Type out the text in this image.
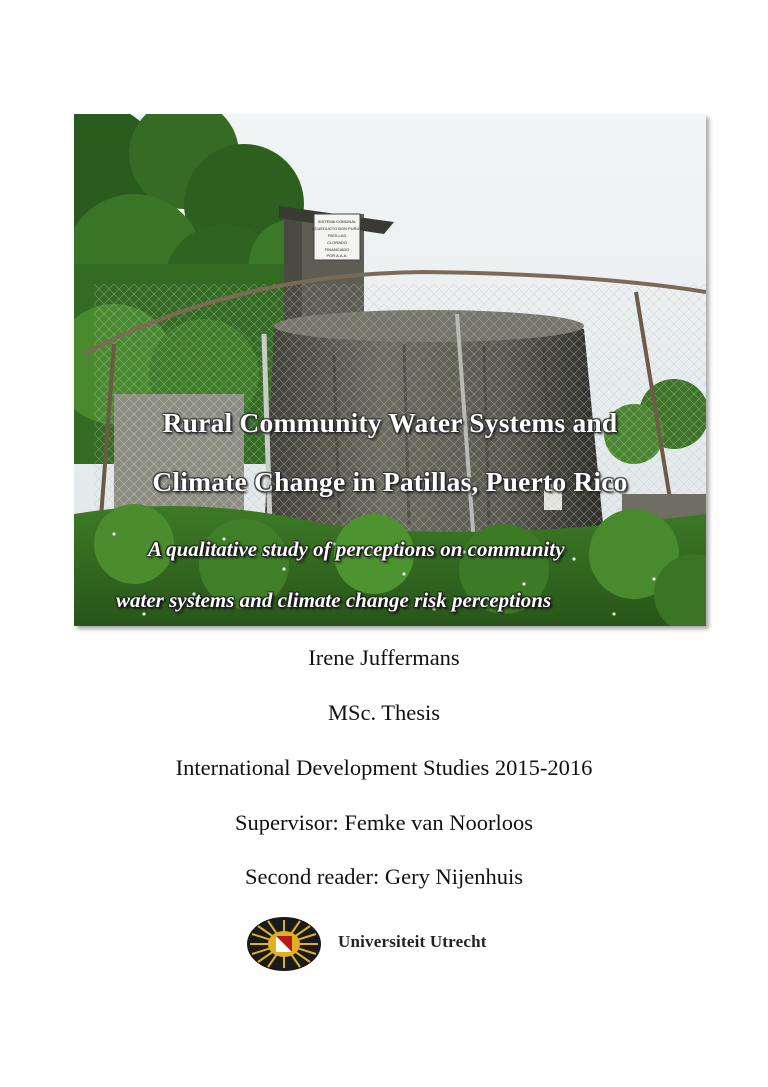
SISTEMA COMUNAL
ACUEDUCTO BON PURUS
PATILLAS
CLORADO
FINANCIADO
POR A.A.A.
Rural Community Water Systems and
Climate Change in Patillas, Puerto Rico
A qualitative study of perceptions on community
water systems and climate change risk perceptions
Irene Juffermans
MSc. Thesis
International Development Studies 2015-2016
Supervisor: Femke van Noorloos
Second reader: Gery Nijenhuis
Universiteit Utrecht
